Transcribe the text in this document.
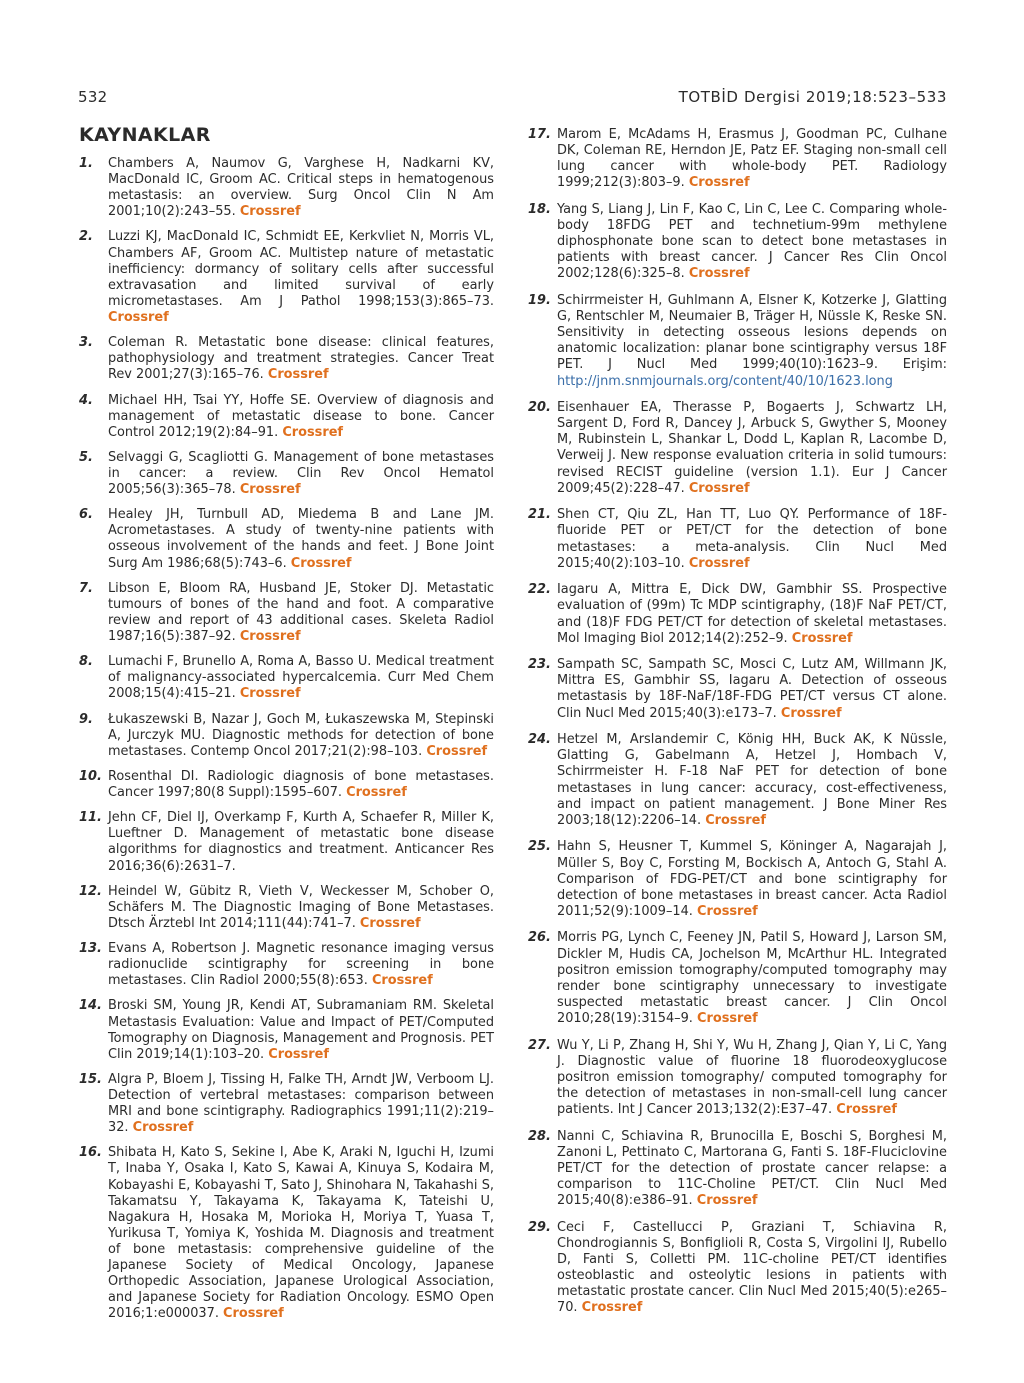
532	TOTBİD Dergisi 2019;18:523–533
KAYNAKLAR

1. Chambers A, Naumov G, Varghese H, Nadkarni KV, MacDonald IC, Groom AC. Critical steps in hematogenous metastasis: an overview. Surg Oncol Clin N Am 2001;10(2):243–55. Crossref

2. Luzzi KJ, MacDonald IC, Schmidt EE, Kerkvliet N, Morris VL, Chambers AF, Groom AC. Multistep nature of metastatic inefficiency: dormancy of solitary cells after successful extravasation and limited survival of early micrometastases. Am J Pathol 1998;153(3):865–73. Crossref

3. Coleman R. Metastatic bone disease: clinical features, pathophysiology and treatment strategies. Cancer Treat Rev 2001;27(3):165–76. Crossref

4. Michael HH, Tsai YY, Hoffe SE. Overview of diagnosis and management of metastatic disease to bone. Cancer Control 2012;19(2):84–91. Crossref

5. Selvaggi G, Scagliotti G. Management of bone metastases in cancer: a review. Clin Rev Oncol Hematol 2005;56(3):365–78. Crossref

6. Healey JH, Turnbull AD, Miedema B and Lane JM. Acrometastases. A study of twenty-nine patients with osseous involvement of the hands and feet. J Bone Joint Surg Am 1986;68(5):743–6. Crossref

7. Libson E, Bloom RA, Husband JE, Stoker DJ. Metastatic tumours of bones of the hand and foot. A comparative review and report of 43 additional cases. Skeleta Radiol 1987;16(5):387–92. Crossref

8. Lumachi F, Brunello A, Roma A, Basso U. Medical treatment of malignancy-associated hypercalcemia. Curr Med Chem 2008;15(4):415–21. Crossref

9. Łukaszewski B, Nazar J, Goch M, Łukaszewska M, Stepinski A, Jurczyk MU. Diagnostic methods for detection of bone metastases. Contemp Oncol 2017;21(2):98–103. Crossref

10. Rosenthal DI. Radiologic diagnosis of bone metastases. Cancer 1997;80(8 Suppl):1595–607. Crossref

11. Jehn CF, Diel IJ, Overkamp F, Kurth A, Schaefer R, Miller K, Lueftner D. Management of metastatic bone disease algorithms for diagnostics and treatment. Anticancer Res 2016;36(6):2631–7.

12. Heindel W, Gübitz R, Vieth V, Weckesser M, Schober O, Schäfers M. The Diagnostic Imaging of Bone Metastases. Dtsch Ärztebl Int 2014;111(44):741–7. Crossref

13. Evans A, Robertson J. Magnetic resonance imaging versus radionuclide scintigraphy for screening in bone metastases. Clin Radiol 2000;55(8):653. Crossref

14. Broski SM, Young JR, Kendi AT, Subramaniam RM. Skeletal Metastasis Evaluation: Value and Impact of PET/Computed Tomography on Diagnosis, Management and Prognosis. PET Clin 2019;14(1):103–20. Crossref

15. Algra P, Bloem J, Tissing H, Falke TH, Arndt JW, Verboom LJ. Detection of vertebral metastases: comparison between MRI and bone scintigraphy. Radiographics 1991;11(2):219–32. Crossref

16. Shibata H, Kato S, Sekine I, Abe K, Araki N, Iguchi H, Izumi T, Inaba Y, Osaka I, Kato S, Kawai A, Kinuya S, Kodaira M, Kobayashi E, Kobayashi T, Sato J, Shinohara N, Takahashi S, Takamatsu Y, Takayama K, Takayama K, Tateishi U, Nagakura H, Hosaka M, Morioka H, Moriya T, Yuasa T, Yurikusa T, Yomiya K, Yoshida M. Diagnosis and treatment of bone metastasis: comprehensive guideline of the Japanese Society of Medical Oncology, Japanese Orthopedic Association, Japanese Urological Association, and Japanese Society for Radiation Oncology. ESMO Open 2016;1:e000037. Crossref

17. Marom E, McAdams H, Erasmus J, Goodman PC, Culhane DK, Coleman RE, Herndon JE, Patz EF. Staging non-small cell lung cancer with whole-body PET. Radiology 1999;212(3):803–9. Crossref

18. Yang S, Liang J, Lin F, Kao C, Lin C, Lee C. Comparing whole-body 18FDG PET and technetium-99m methylene diphosphonate bone scan to detect bone metastases in patients with breast cancer. J Cancer Res Clin Oncol 2002;128(6):325–8. Crossref

19. Schirrmeister H, Guhlmann A, Elsner K, Kotzerke J, Glatting G, Rentschler M, Neumaier B, Träger H, Nüssle K, Reske SN. Sensitivity in detecting osseous lesions depends on anatomic localization: planar bone scintigraphy versus 18F PET. J Nucl Med 1999;40(10):1623–9. Erişim: http://jnm.snmjournals.org/content/40/10/1623.long

20. Eisenhauer EA, Therasse P, Bogaerts J, Schwartz LH, Sargent D, Ford R, Dancey J, Arbuck S, Gwyther S, Mooney M, Rubinstein L, Shankar L, Dodd L, Kaplan R, Lacombe D, Verweij J. New response evaluation criteria in solid tumours: revised RECIST guideline (version 1.1). Eur J Cancer 2009;45(2):228–47. Crossref

21. Shen CT, Qiu ZL, Han TT, Luo QY. Performance of 18F-fluoride PET or PET/CT for the detection of bone metastases: a meta-analysis. Clin Nucl Med 2015;40(2):103–10. Crossref

22. Iagaru A, Mittra E, Dick DW, Gambhir SS. Prospective evaluation of (99m) Tc MDP scintigraphy, (18)F NaF PET/CT, and (18)F FDG PET/CT for detection of skeletal metastases. Mol Imaging Biol 2012;14(2):252–9. Crossref

23. Sampath SC, Sampath SC, Mosci C, Lutz AM, Willmann JK, Mittra ES, Gambhir SS, Iagaru A. Detection of osseous metastasis by 18F-NaF/18F-FDG PET/CT versus CT alone. Clin Nucl Med 2015;40(3):e173–7. Crossref

24. Hetzel M, Arslandemir C, König HH, Buck AK, K Nüssle, Glatting G, Gabelmann A, Hetzel J, Hombach V, Schirrmeister H. F-18 NaF PET for detection of bone metastases in lung cancer: accuracy, cost-effectiveness, and impact on patient management. J Bone Miner Res 2003;18(12):2206–14. Crossref

25. Hahn S, Heusner T, Kummel S, Köninger A, Nagarajah J, Müller S, Boy C, Forsting M, Bockisch A, Antoch G, Stahl A. Comparison of FDG-PET/CT and bone scintigraphy for detection of bone metastases in breast cancer. Acta Radiol 2011;52(9):1009–14. Crossref

26. Morris PG, Lynch C, Feeney JN, Patil S, Howard J, Larson SM, Dickler M, Hudis CA, Jochelson M, McArthur HL. Integrated positron emission tomography/computed tomography may render bone scintigraphy unnecessary to investigate suspected metastatic breast cancer. J Clin Oncol 2010;28(19):3154–9. Crossref

27. Wu Y, Li P, Zhang H, Shi Y, Wu H, Zhang J, Qian Y, Li C, Yang J. Diagnostic value of fluorine 18 fluorodeoxyglucose positron emission tomography/ computed tomography for the detection of metastases in non-small-cell lung cancer patients. Int J Cancer 2013;132(2):E37–47. Crossref

28. Nanni C, Schiavina R, Brunocilla E, Boschi S, Borghesi M, Zanoni L, Pettinato C, Martorana G, Fanti S. 18F-Fluciclovine PET/CT for the detection of prostate cancer relapse: a comparison to 11C-Choline PET/CT. Clin Nucl Med 2015;40(8):e386–91. Crossref

29. Ceci F, Castellucci P, Graziani T, Schiavina R, Chondrogiannis S, Bonfiglioli R, Costa S, Virgolini IJ, Rubello D, Fanti S, Colletti PM. 11C-choline PET/CT identifies osteoblastic and osteolytic lesions in patients with metastatic prostate cancer. Clin Nucl Med 2015;40(5):e265–70. Crossref
